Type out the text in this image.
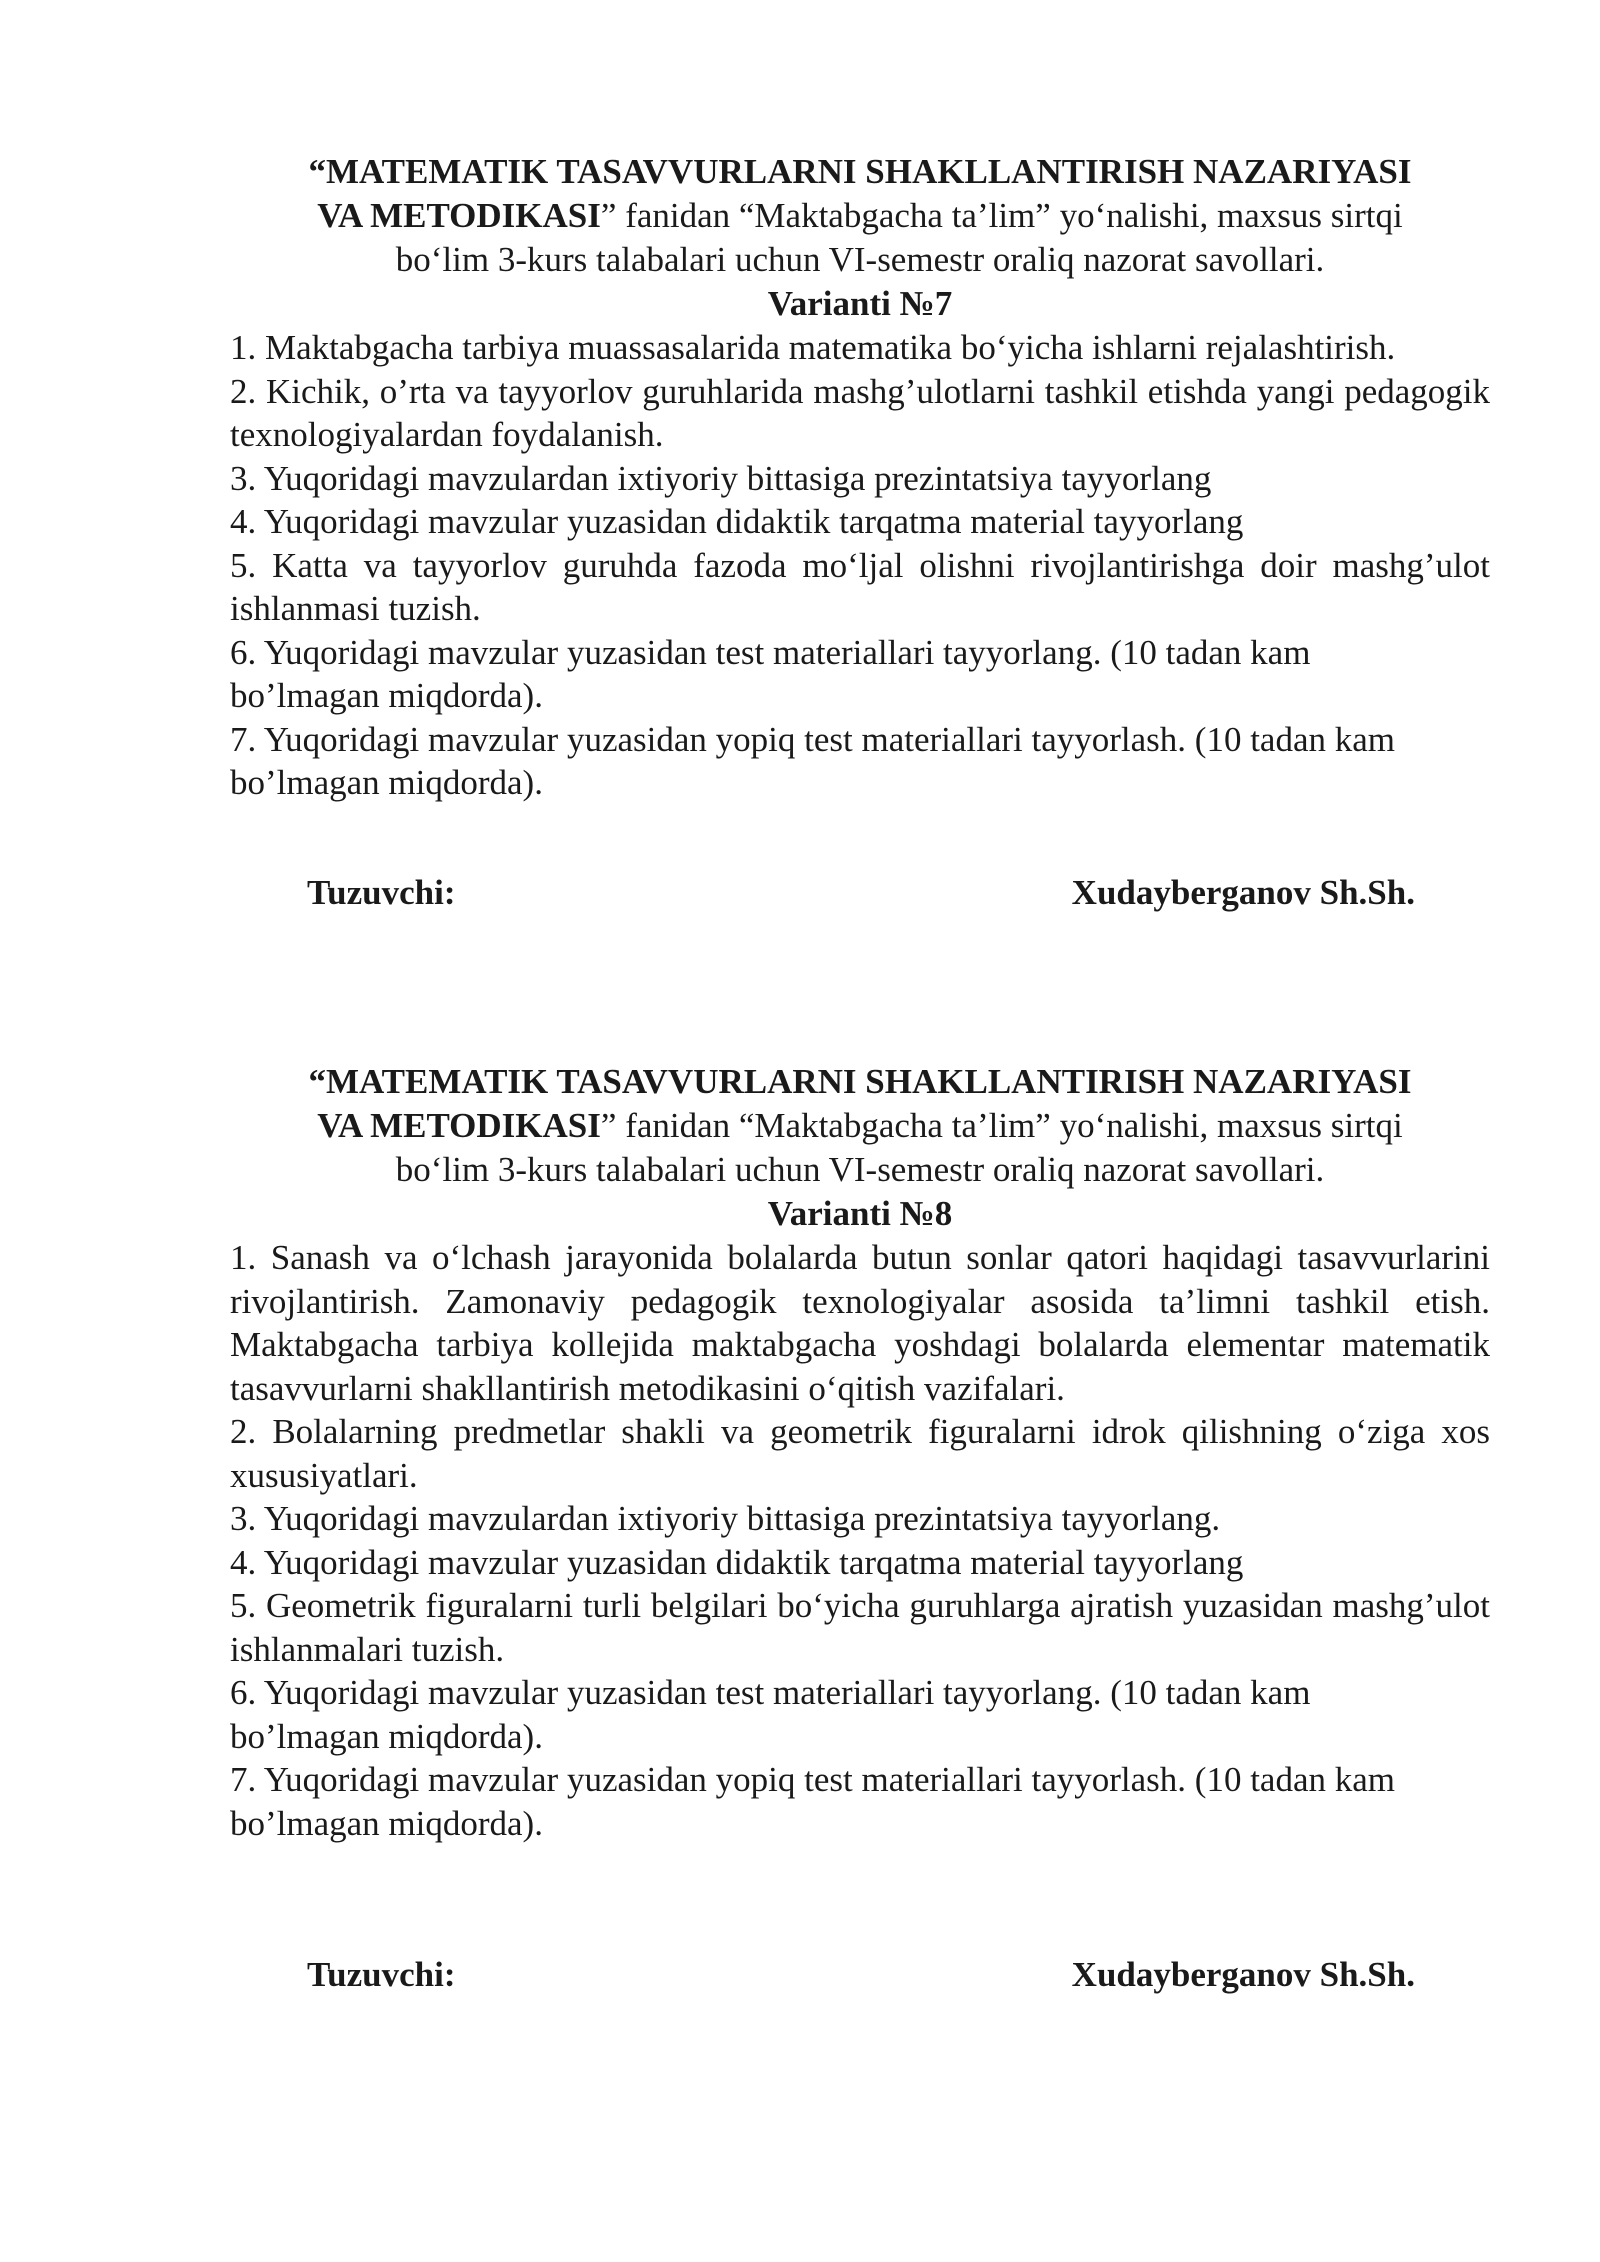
“MATEMATIK TASAVVURLARNI SHAKLLANTIRISH NAZARIYASI
VA METODIKASI” fanidan “Maktabgacha ta’lim” yo‘nalishi, maxsus sirtqi
bo‘lim 3-kurs talabalari uchun VI-semestr oraliq nazorat savollari.
Varianti №7
1. Maktabgacha tarbiya muassasalarida matematika bo‘yicha ishlarni rejalashtirish.
2. Kichik, o’rta va tayyorlov guruhlarida mashg’ulotlarni tashkil etishda yangi pedagogik texnologiyalardan foydalanish.
3. Yuqoridagi mavzulardan ixtiyoriy bittasiga prezintatsiya tayyorlang
4. Yuqoridagi mavzular yuzasidan didaktik tarqatma material tayyorlang
5. Katta va tayyorlov guruhda fazoda mo‘ljal olishni rivojlantirishga doir mashg’ulot ishlanmasi tuzish.
6. Yuqoridagi mavzular yuzasidan test materiallari tayyorlang. (10 tadan kam bo’lmagan miqdorda).
7. Yuqoridagi mavzular yuzasidan yopiq test materiallari tayyorlash. (10 tadan kam bo’lmagan miqdorda).
Tuzuvchi:	Xudayberganov Sh.Sh.
“MATEMATIK TASAVVURLARNI SHAKLLANTIRISH NAZARIYASI
VA METODIKASI” fanidan “Maktabgacha ta’lim” yo‘nalishi, maxsus sirtqi
bo‘lim 3-kurs talabalari uchun VI-semestr oraliq nazorat savollari.
Varianti №8
1. Sanash va o‘lchash jarayonida bolalarda butun sonlar qatori haqidagi tasavvurlarini rivojlantirish. Zamonaviy pedagogik texnologiyalar asosida ta’limni tashkil etish. Maktabgacha tarbiya kollejida maktabgacha yoshdagi bolalarda elementar matematik tasavvurlarni shakllantirish metodikasini o‘qitish vazifalari.
2. Bolalarning predmetlar shakli va geometrik figuralarni idrok qilishning o‘ziga xos xususiyatlari.
3. Yuqoridagi mavzulardan ixtiyoriy bittasiga prezintatsiya tayyorlang.
4. Yuqoridagi mavzular yuzasidan didaktik tarqatma material tayyorlang
5. Geometrik figuralarni turli belgilari bo‘yicha guruhlarga ajratish yuzasidan mashg’ulot ishlanmalari tuzish.
6. Yuqoridagi mavzular yuzasidan test materiallari tayyorlang. (10 tadan kam bo’lmagan miqdorda).
7. Yuqoridagi mavzular yuzasidan yopiq test materiallari tayyorlash. (10 tadan kam bo’lmagan miqdorda).
Tuzuvchi:	Xudayberganov Sh.Sh.
